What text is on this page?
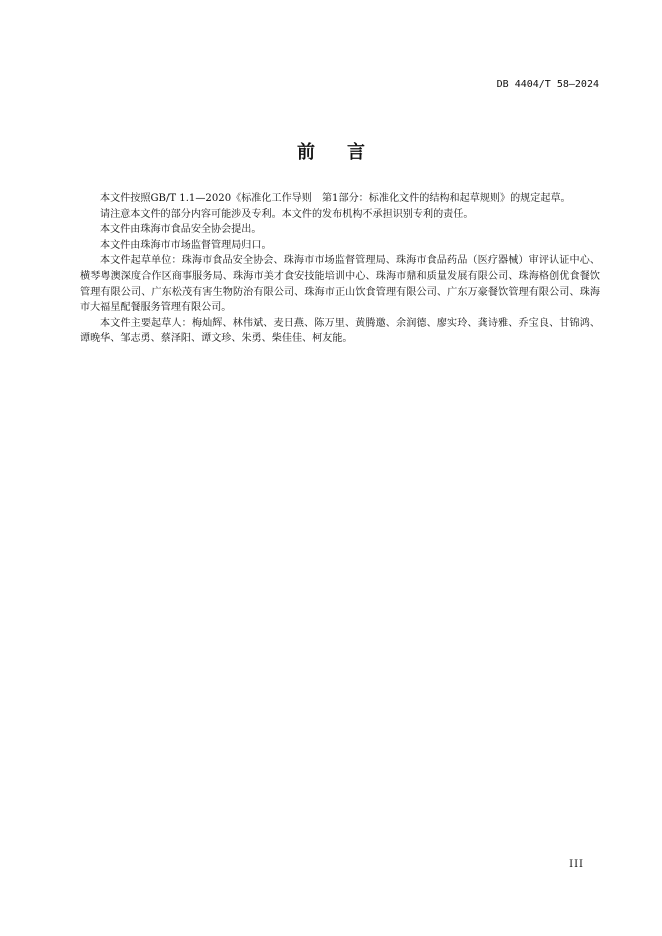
DB 4404/T 58—2024
前 言

本文件按照GB/T 1.1—2020《标准化工作导则　第1部分：标准化文件的结构和起草规则》的规定起草。

请注意本文件的部分内容可能涉及专利。本文件的发布机构不承担识别专利的责任。

本文件由珠海市食品安全协会提出。

本文件由珠海市市场监督管理局归口。

本文件起草单位：珠海市食品安全协会、珠海市市场监督管理局、珠海市食品药品（医疗器械）审评认证中心、横琴粤澳深度合作区商事服务局、珠海市美才食安技能培训中心、珠海市鼎和质量发展有限公司、珠海格创优食餐饮管理有限公司、广东松茂有害生物防治有限公司、珠海市正山饮食管理有限公司、广东万豪餐饮管理有限公司、珠海市大福星配餐服务管理有限公司。

本文件主要起草人：梅灿辉、林伟斌、麦日燕、陈万里、黄腾邀、余润德、廖实玲、龚诗雅、乔宝良、甘锦鸿、谭晚华、邹志勇、蔡泽阳、谭文珍、朱勇、柴佳佳、柯友能。

III
